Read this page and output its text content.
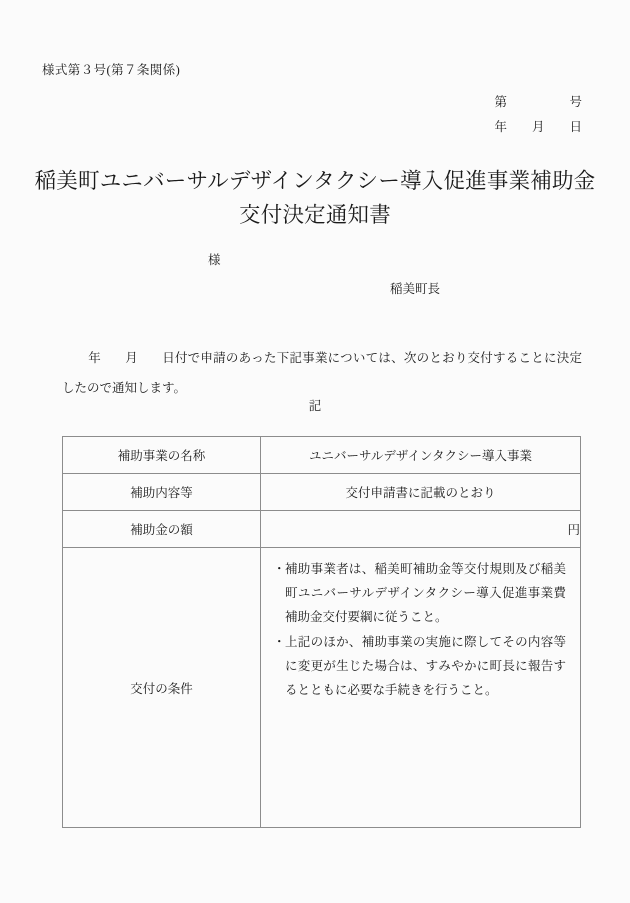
様式第３号(第７条関係)
第　　　　　号
年　　月　　日
稲美町ユニバーサルデザインタクシー導入促進事業補助金
交付決定通知書
様
稲美町長

年 月 日付で申請のあった下記事業については、次のとおり交付することに決定したので通知します。

記
補助事業の名称	ユニバーサルデザインタクシー導入事業
補助内容等	交付申請書に記載のとおり
補助金の額	円
交付の条件	
・ 補助事業者は、稲美町補助金等交付規則及び稲美町ユニバーサルデザインタクシー導入促進事業費補助金交付要綱に従うこと。
・ 上記のほか、補助事業の実施に際してその内容等に変更が生じた場合は、すみやかに町長に報告するとともに必要な手続きを行うこと。
